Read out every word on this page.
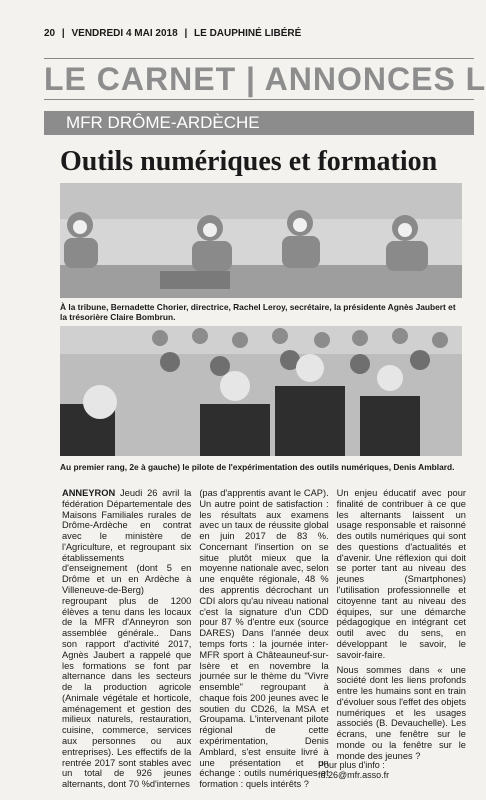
20 | VENDREDI 4 MAI 2018 | LE DAUPHINÉ LIBÉRÉ
LE CARNET | ANNONCES L
MFR DRÔME-ARDÈCHE
Outils numériques et formation
À la tribune, Bernadette Chorier, directrice, Rachel Leroy, secrétaire, la présidente Agnès Jaubert et la trésorière Claire Bombrun.
Au premier rang, 2e à gauche) le pilote de l'expérimentation des outils numériques, Denis Amblard.

ANNEYRON Jeudi 26 avril la fédération Départementale des Maisons Familiales rurales de Drôme-Ardèche en contrat avec le ministère de l'Agriculture, et regroupant six établissements d'enseignement (dont 5 en Drôme et un en Ardèche à Villeneuve-de-Berg) regroupant plus de 1200 élèves a tenu dans les locaux de la MFR d'Anneyron son assemblée générale.. Dans son rapport d'activité 2017, Agnès Jaubert a rappelé que les formations se font par alternance dans les secteurs de la production agricole (Animale végétale et horticole, aménagement et gestion des milieux naturels, restauration, cuisine, commerce, services aux personnes ou aux entreprises). Les effectifs de la rentrée 2017 sont stables avec un total de 926 jeunes alternants, dont 70 %d'internes

(pas d'apprentis avant le CAP). Un autre point de satisfaction : les résultats aux examens avec un taux de réussite global en juin 2017 de 83 %. Concernant l'insertion on se situe plutôt mieux que la moyenne nationale avec, selon une enquête régionale, 48 % des apprentis décrochant un CDI alors qu'au niveau national c'est la signature d'un CDD pour 87 % d'entre eux (source DARES) Dans l'année deux temps forts : la journée inter-MFR sport à Châteauneuf-sur-Isère et en novembre la journée sur le thème du "Vivre ensemble" regroupant à chaque fois 200 jeunes avec le soutien du CD26, la MSA et Groupama. L'intervenant pilote régional de cette expérimentation, Denis Amblard, s'est ensuite livré à une présentation et un échange : outils numériques et formation : quels intérêts ?

Un enjeu éducatif avec pour finalité de contribuer à ce que les alternants laissent un usage responsable et raisonné des outils numériques qui sont des questions d'actualités et d'avenir. Une réflexion qui doit se porter tant au niveau des jeunes (Smartphones) l'utilisation professionnelle et citoyenne tant au niveau des équipes, sur une démarche pédagogique en intégrant cet outil avec du sens, en développant le savoir, le savoir-faire.

Nous sommes dans « une société dont les liens profonds entre les humains sont en train d'évoluer sous l'effet des objets numériques et les usages associés (B. Devauchelle). Les écrans, une fenêtre sur le monde ou la fenêtre sur le monde des jeunes ?

Pour plus d'info :
fd.26@mfr.asso.fr
